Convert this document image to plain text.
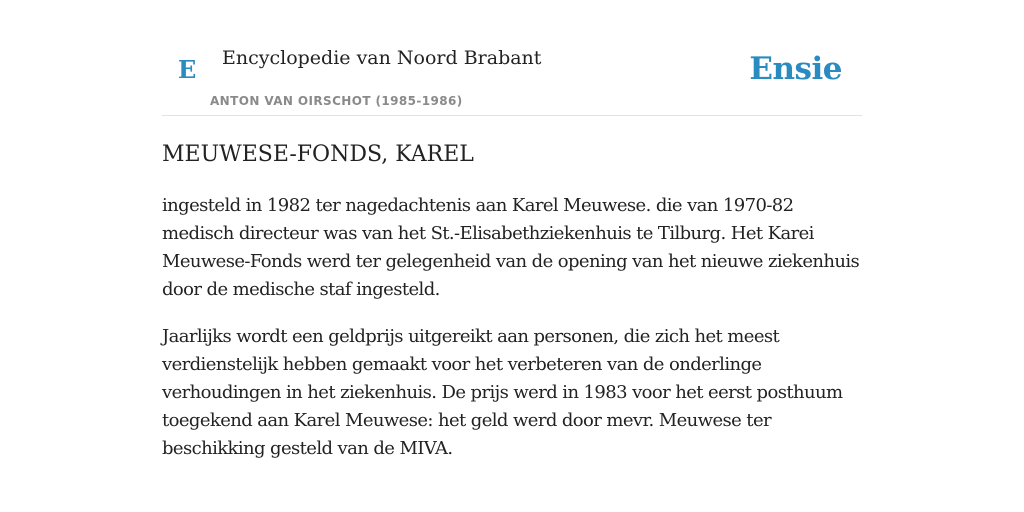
E Encyclopedie van Noord Brabant
ANTON VAN OIRSCHOT (1985-1986)
Ensie
MEUWESE-FONDS, KAREL

ingesteld in 1982 ter nagedachtenis aan Karel Meuwese. die van 1970-82 medisch directeur was van het St.-Elisabethziekenhuis te Tilburg. Het Karei Meuwese-Fonds werd ter gelegenheid van de opening van het nieuwe ziekenhuis door de medische staf ingesteld.

Jaarlijks wordt een geldprijs uitgereikt aan personen, die zich het meest verdienstelijk hebben gemaakt voor het verbeteren van de onderlinge verhoudingen in het ziekenhuis. De prijs werd in 1983 voor het eerst posthuum toegekend aan Karel Meuwese: het geld werd door mevr. Meuwese ter beschikking gesteld van de MIVA.
